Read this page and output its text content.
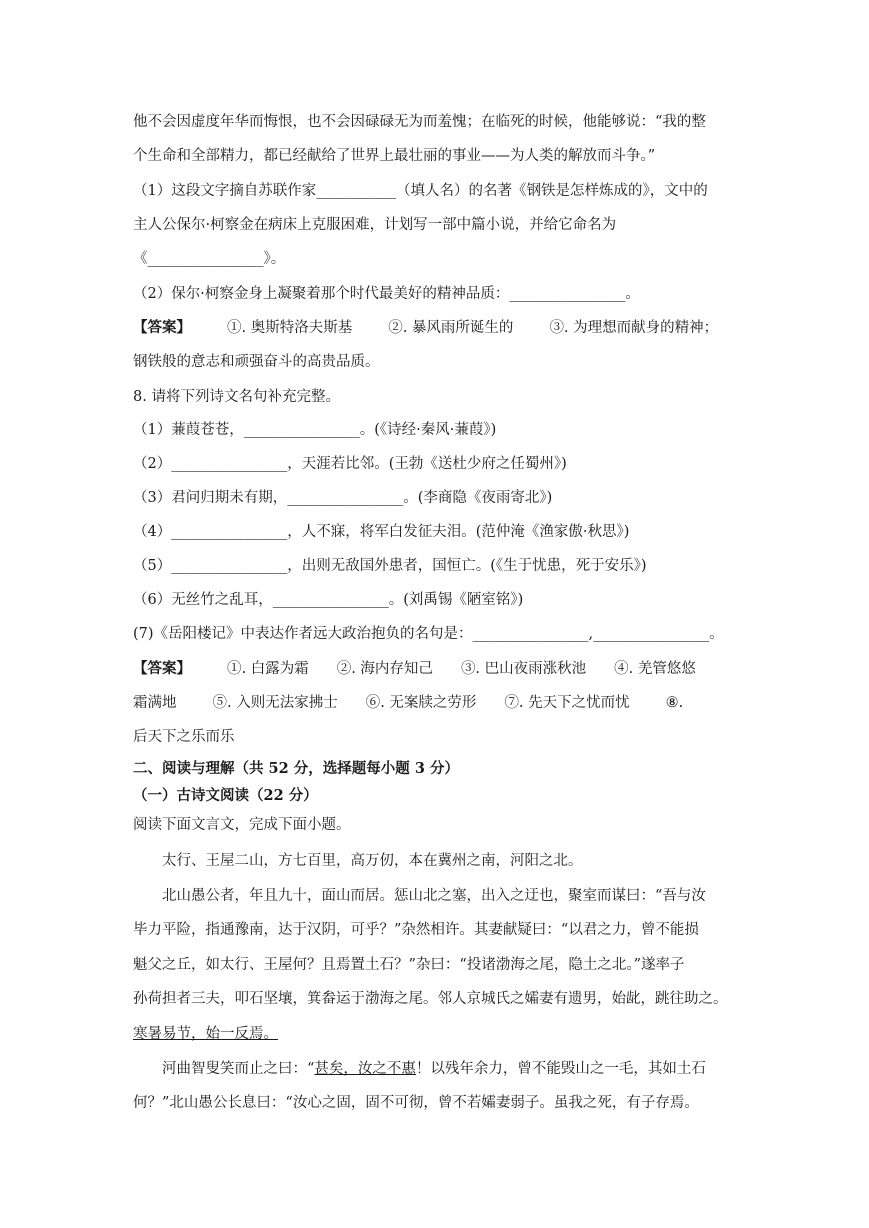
他不会因虚度年华而悔恨，也不会因碌碌无为而羞愧；在临死的时候，他能够说：“我的整
个生命和全部精力，都已经献给了世界上最壮丽的事业——为人类的解放而斗争。”
（1）这段文字摘自苏联作家___________（填人名）的名著《钢铁是怎样炼成的》，文中的
主人公保尔·柯察金在病床上克服困难，计划写一部中篇小说，并给它命名为
《________________》。
（2）保尔·柯察金身上凝聚着那个时代最美好的精神品质：________________。
【答案】 ①. 奥斯特洛夫斯基 ②. 暴风雨所诞生的 ③. 为理想而献身的精神；
钢铁般的意志和顽强奋斗的高贵品质。
8. 请将下列诗文名句补充完整。
（1）蒹葭苍苍，________________。(《诗经·秦风·蒹葭》)
（2）________________，天涯若比邻。(王勃《送杜少府之任蜀州》)
（3）君问归期未有期，________________。(李商隐《夜雨寄北》)
（4）________________，人不寐，将军白发征夫泪。(范仲淹《渔家傲·秋思》)
（5）________________，出则无敌国外患者，国恒亡。(《生于忧患，死于安乐》)
（6）无丝竹之乱耳，________________。(刘禹锡《陋室铭》)
(7)《岳阳楼记》中表达作者远大政治抱负的名句是：________________,________________。
【答案】 ①. 白露为霜 ②. 海内存知己 ③. 巴山夜雨涨秋池 ④. 羌管悠悠
霜满地 ⑤. 入则无法家拂士 ⑥. 无案牍之劳形 ⑦. 先天下之忧而忧 ⑧.
后天下之乐而乐
二、阅读与理解（共 52 分，选择题每小题 3 分）
（一）古诗文阅读（22 分）
阅读下面文言文，完成下面小题。
太行、王屋二山，方七百里，高万仞，本在冀州之南，河阳之北。
北山愚公者，年且九十，面山而居。惩山北之塞，出入之迂也，聚室而谋曰：“吾与汝
毕力平险，指通豫南，达于汉阴，可乎？”杂然相许。其妻献疑曰：“以君之力，曾不能损
魁父之丘，如太行、王屋何？且焉置土石？”杂曰：“投诸渤海之尾，隐土之北。”遂率子
孙荷担者三夫，叩石坚壤，箕畚运于渤海之尾。邻人京城氏之孀妻有遗男，始龀，跳往助之。
寒暑易节，始一反焉。
河曲智叟笑而止之曰：“甚矣，汝之不惠！以残年余力，曾不能毁山之一毛，其如土石
何？”北山愚公长息曰：“汝心之固，固不可彻，曾不若孀妻弱子。虽我之死，有子存焉。
